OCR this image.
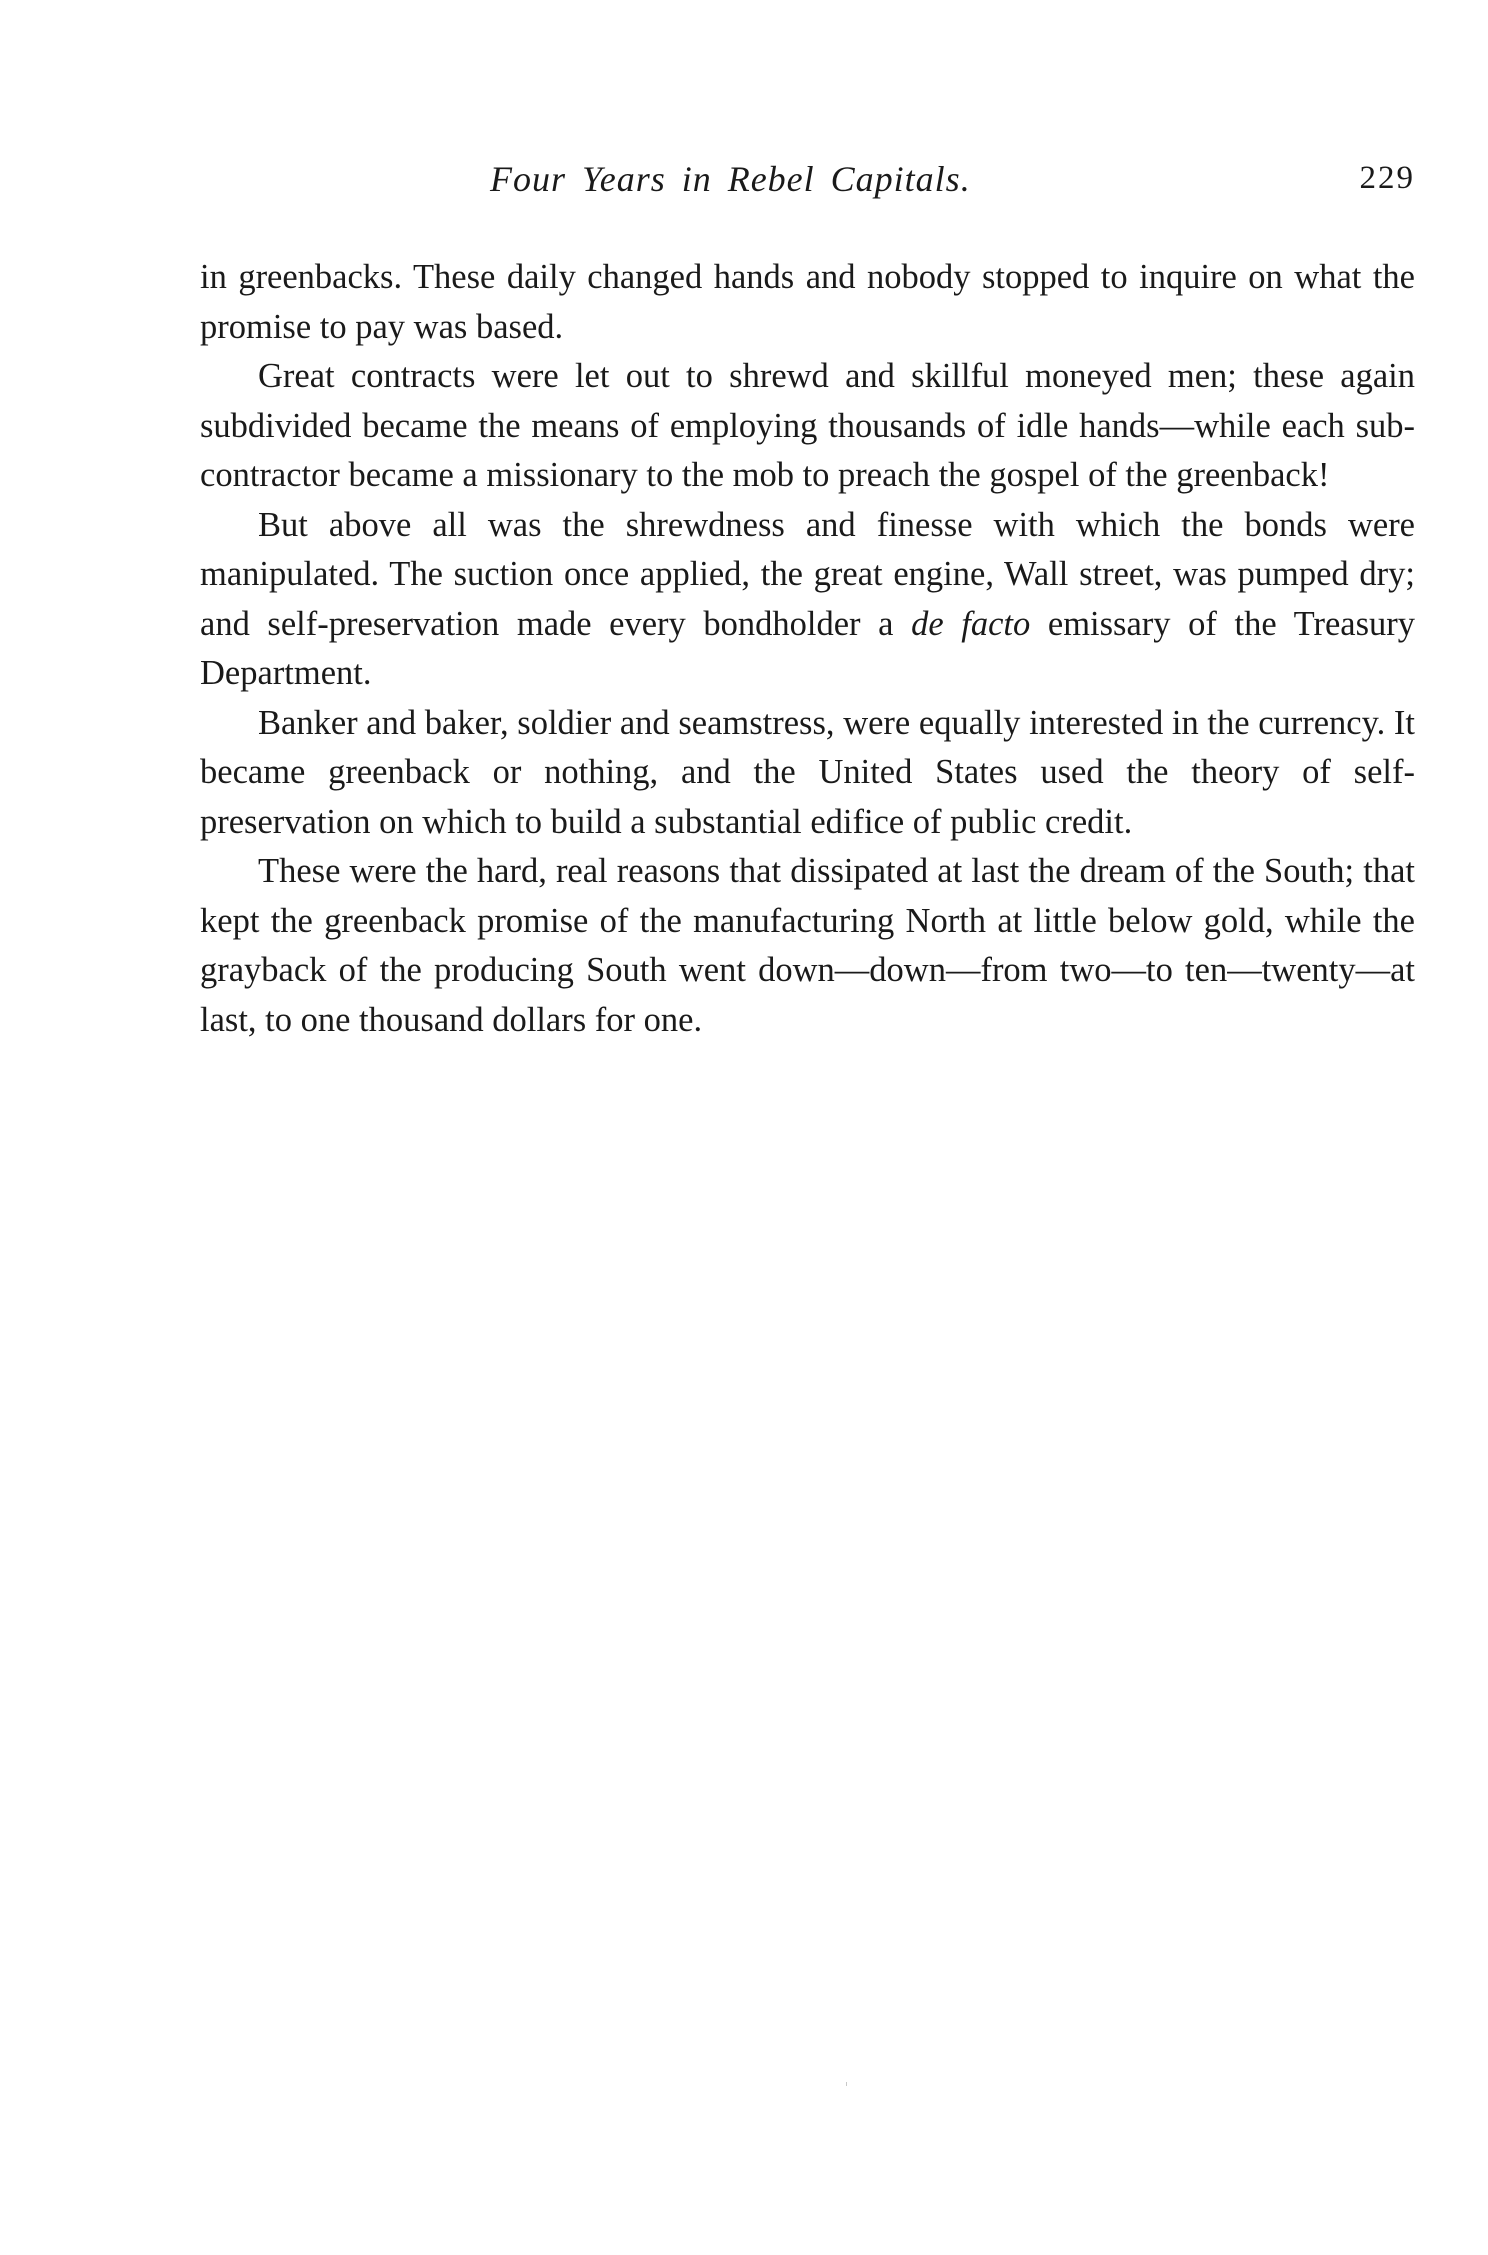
Four Years in Rebel Capitals.	229

in greenbacks. These daily changed hands and nobody stopped to inquire on what the promise to pay was based.

Great contracts were let out to shrewd and skillful moneyed men; these again subdivided became the means of employing thousands of idle hands—while each sub-contractor became a missionary to the mob to preach the gospel of the greenback!

But above all was the shrewdness and finesse with which the bonds were manipulated. The suction once applied, the great engine, Wall street, was pumped dry; and self-preservation made every bondholder a de facto emissary of the Treasury Department.

Banker and baker, soldier and seamstress, were equally interested in the currency. It became greenback or nothing, and the United States used the theory of self-preservation on which to build a substantial edifice of public credit.

These were the hard, real reasons that dissipated at last the dream of the South; that kept the greenback promise of the manufacturing North at little below gold, while the grayback of the producing South went down—down—from two—to ten—twenty—at last, to one thousand dollars for one.
